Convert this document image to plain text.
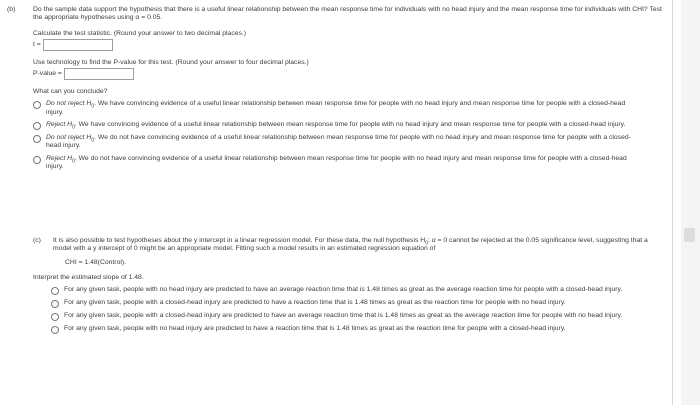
(b)	Do the sample data support the hypothesis that there is a useful linear relationship between the mean response time for individuals with no head injury and the mean response time for individuals with CHI? Test the appropriate hypotheses using α = 0.05.

Calculate the test statistic. (Round your answer to two decimal places.)

t =

Use technology to find the P-value for this test. (Round your answer to four decimal places.)

P-value =

What can you conclude?

Do not reject $H_0$. We have convincing evidence of a useful linear relationship between mean response time for people with no head injury and mean response time for people with a closed-head injury.
Reject $H_0$. We have convincing evidence of a useful linear relationship between mean response time for people with no head injury and mean response time for people with a closed-head injury.
Do not reject $H_0$. We do not have convincing evidence of a useful linear relationship between mean response time for people with no head injury and mean response time for people with a closed-head injury.
Reject $H_0$. We do not have convincing evidence of a useful linear relationship between mean response time for people with no head injury and mean response time for people with a closed-head injury.
(c)	It is also possible to test hypotheses about the y intercept in a linear regression model. For these data, the null hypothesis $H_0$: α = 0 cannot be rejected at the 0.05 significance level, suggesting that a model with a y intercept of 0 might be an appropriate model. Fitting such a model results in an estimated regression equation of

CHI = 1.48(Control).

Interpret the estimated slope of 1.48.

For any given task, people with no head injury are predicted to have an average reaction time that is 1.48 times as great as the average reaction time for people with a closed-head injury.
For any given task, people with a closed-head injury are predicted to have a reaction time that is 1.48 times as great as the reaction time for people with no head injury.
For any given task, people with a closed-head injury are predicted to have an average reaction time that is 1.48 times as great as the average reaction time for people with no head injury.
For any given task, people with no head injury are predicted to have a reaction time that is 1.48 times as great as the reaction time for people with a closed-head injury.
